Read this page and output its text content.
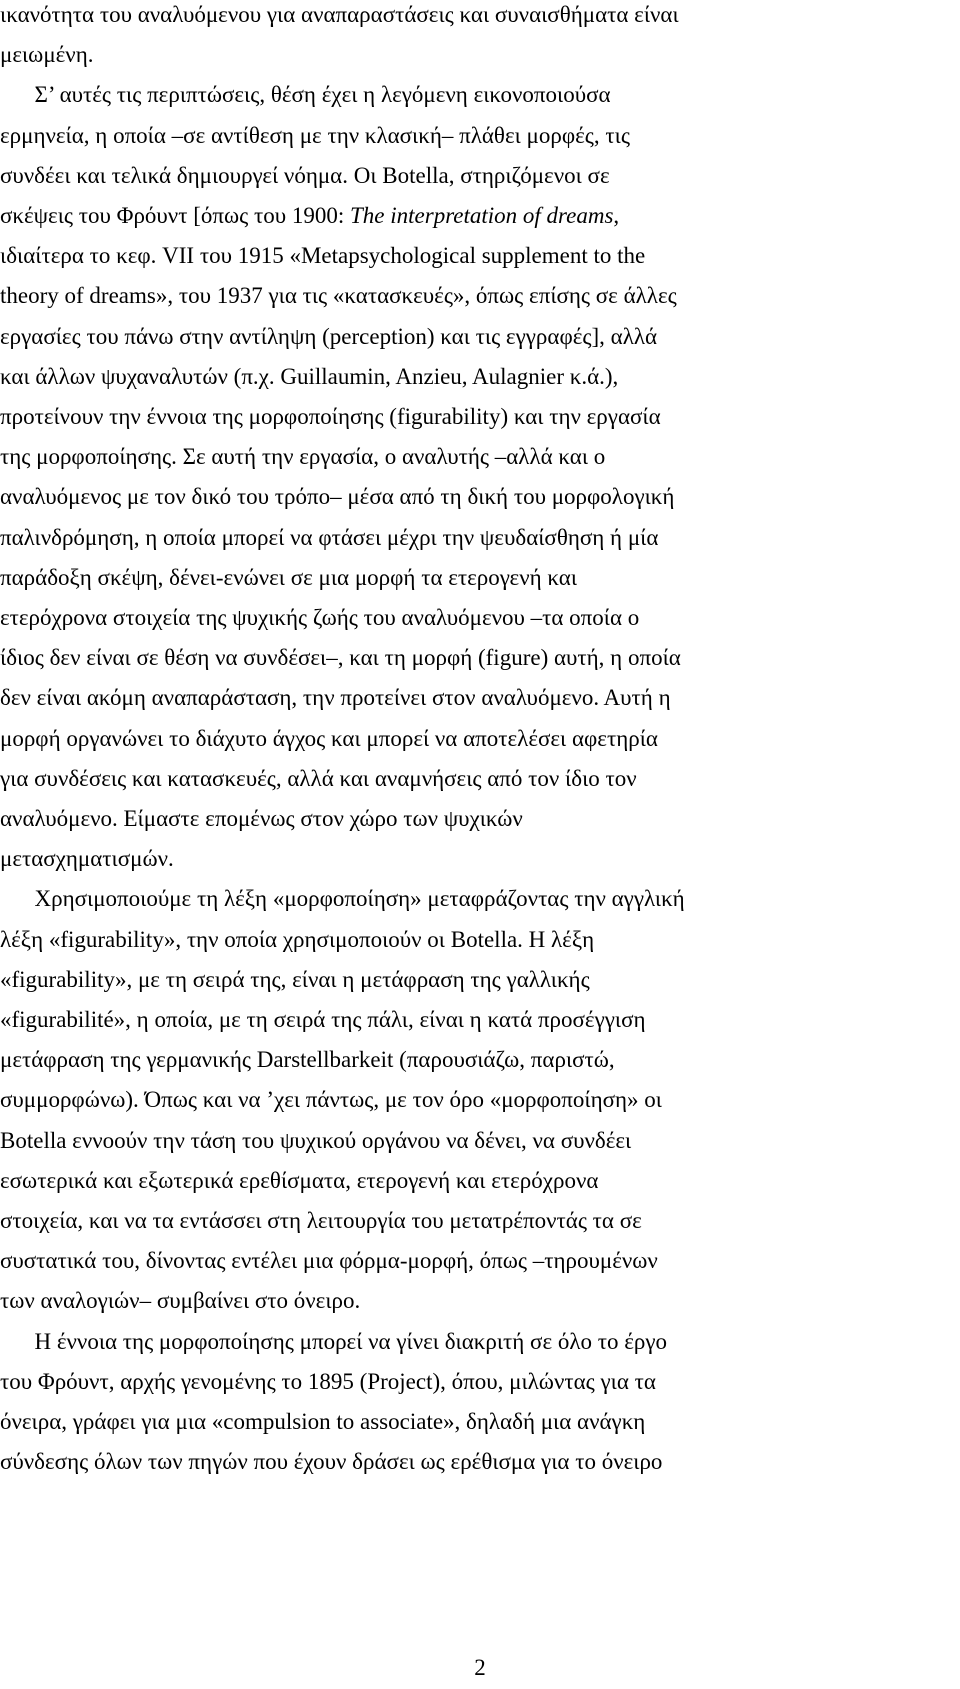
ικανότητα του αναλυόμενου για αναπαραστάσεις και συναισθήματα είναι
μειωμένη.
Σ’ αυτές τις περιπτώσεις, θέση έχει η λεγόμενη εικονοποιούσα
ερμηνεία, η οποία –σε αντίθεση με την κλασική– πλάθει μορφές, τις
συνδέει και τελικά δημιουργεί νόημα. Οι Botella, στηριζόμενοι σε
σκέψεις του Φρόυντ [όπως του 1900: The interpretation of dreams,
ιδιαίτερα το κεφ. VII του 1915 «Metapsychological supplement to the
theory of dreams», του 1937 για τις «κατασκευές», όπως επίσης σε άλλες
εργασίες του πάνω στην αντίληψη (perception) και τις εγγραφές], αλλά
και άλλων ψυχαναλυτών (π.χ. Guillaumin, Anzieu, Aulagnier κ.ά.),
προτείνουν την έννοια της μορφοποίησης (figurability) και την εργασία
της μορφοποίησης. Σε αυτή την εργασία, ο αναλυτής –αλλά και ο
αναλυόμενος με τον δικό του τρόπο– μέσα από τη δική του μορφολογική
παλινδρόμηση, η οποία μπορεί να φτάσει μέχρι την ψευδαίσθηση ή μία
παράδοξη σκέψη, δένει-ενώνει σε μια μορφή τα ετερογενή και
ετερόχρονα στοιχεία της ψυχικής ζωής του αναλυόμενου –τα οποία ο
ίδιος δεν είναι σε θέση να συνδέσει–, και τη μορφή (figure) αυτή, η οποία
δεν είναι ακόμη αναπαράσταση, την προτείνει στον αναλυόμενο. Αυτή η
μορφή οργανώνει το διάχυτο άγχος και μπορεί να αποτελέσει αφετηρία
για συνδέσεις και κατασκευές, αλλά και αναμνήσεις από τον ίδιο τον
αναλυόμενο. Είμαστε επομένως στον χώρο των ψυχικών
μετασχηματισμών.
Χρησιμοποιούμε τη λέξη «μορφοποίηση» μεταφράζοντας την αγγλική
λέξη «figurability», την οποία χρησιμοποιούν οι Botella. Η λέξη
«figurability», με τη σειρά της, είναι η μετάφραση της γαλλικής
«figurabilité», η οποία, με τη σειρά της πάλι, είναι η κατά προσέγγιση
μετάφραση της γερμανικής Darstellbarkeit (παρουσιάζω, παριστώ,
συμμορφώνω). Όπως και να ’χει πάντως, με τον όρο «μορφοποίηση» οι
Botella εννοούν την τάση του ψυχικού οργάνου να δένει, να συνδέει
εσωτερικά και εξωτερικά ερεθίσματα, ετερογενή και ετερόχρονα
στοιχεία, και να τα εντάσσει στη λειτουργία του μετατρέποντάς τα σε
συστατικά του, δίνοντας εντέλει μια φόρμα-μορφή, όπως –τηρουμένων
των αναλογιών– συμβαίνει στο όνειρο.
Η έννοια της μορφοποίησης μπορεί να γίνει διακριτή σε όλο το έργο
του Φρόυντ, αρχής γενομένης το 1895 (Project), όπου, μιλώντας για τα
όνειρα, γράφει για μια «compulsion to associate», δηλαδή μια ανάγκη
σύνδεσης όλων των πηγών που έχουν δράσει ως ερέθισμα για το όνειρο
2
